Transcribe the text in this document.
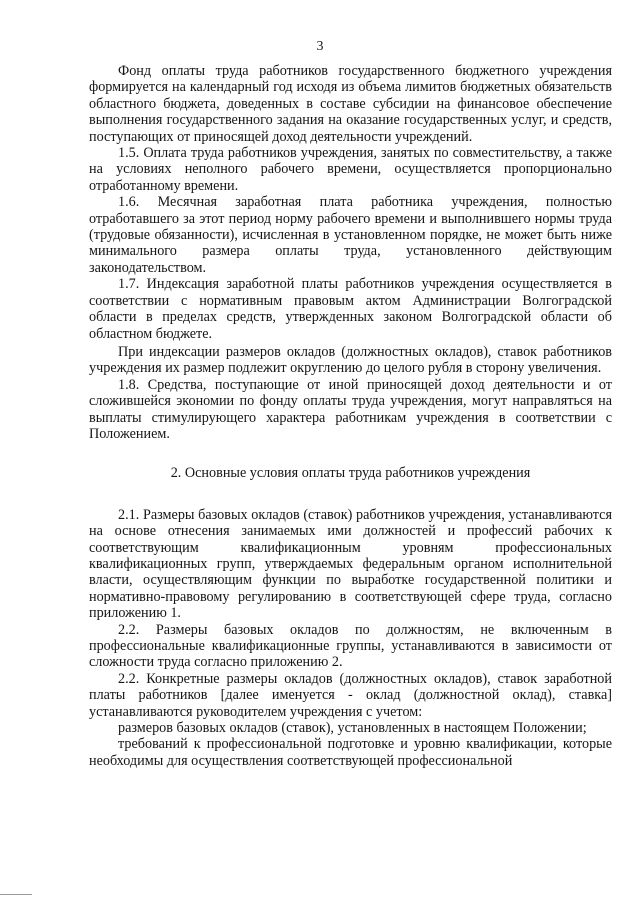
3

Фонд оплаты труда работников государственного бюджетного учреждения формируется на календарный год исходя из объема лимитов бюджетных обязательств областного бюджета, доведенных в составе субсидии на финансовое обеспечение выполнения государственного задания на оказание государственных услуг, и средств, поступающих от приносящей доход деятельности учреждений.

1.5. Оплата труда работников учреждения, занятых по совместительству, а также на условиях неполного рабочего времени, осуществляется пропорционально отработанному времени.

1.6. Месячная заработная плата работника учреждения, полностью отработавшего за этот период норму рабочего времени и выполнившего нормы труда (трудовые обязанности), исчисленная в установленном порядке, не может быть ниже минимального размера оплаты труда, установленного действующим законодательством.

1.7. Индексация заработной платы работников учреждения осуществляется в соответствии с нормативным правовым актом Администрации Волгоградской области в пределах средств, утвержденных законом Волгоградской области об областном бюджете.

При индексации размеров окладов (должностных окладов), ставок работников учреждения их размер подлежит округлению до целого рубля в сторону увеличения.

1.8. Средства, поступающие от иной приносящей доход деятельности и от сложившейся экономии по фонду оплаты труда учреждения, могут направляться на выплаты стимулирующего характера работникам учреждения в соответствии с Положением.

2. Основные условия оплаты труда работников учреждения

2.1. Размеры базовых окладов (ставок) работников учреждения, устанавливаются на основе отнесения занимаемых ими должностей и профессий рабочих к соответствующим квалификационным уровням профессиональных квалификационных групп, утверждаемых федеральным органом исполнительной власти, осуществляющим функции по выработке государственной политики и нормативно-правовому регулированию в соответствующей сфере труда, согласно приложению 1.

2.2. Размеры базовых окладов по должностям, не включенным в профессиональные квалификационные группы, устанавливаются в зависимости от сложности труда согласно приложению 2.

2.2. Конкретные размеры окладов (должностных окладов), ставок заработной платы работников [далее именуется - оклад (должностной оклад), ставка] устанавливаются руководителем учреждения с учетом:

размеров базовых окладов (ставок), установленных в настоящем Положении;

требований к профессиональной подготовке и уровню квалификации, которые необходимы для осуществления соответствующей профессиональной
